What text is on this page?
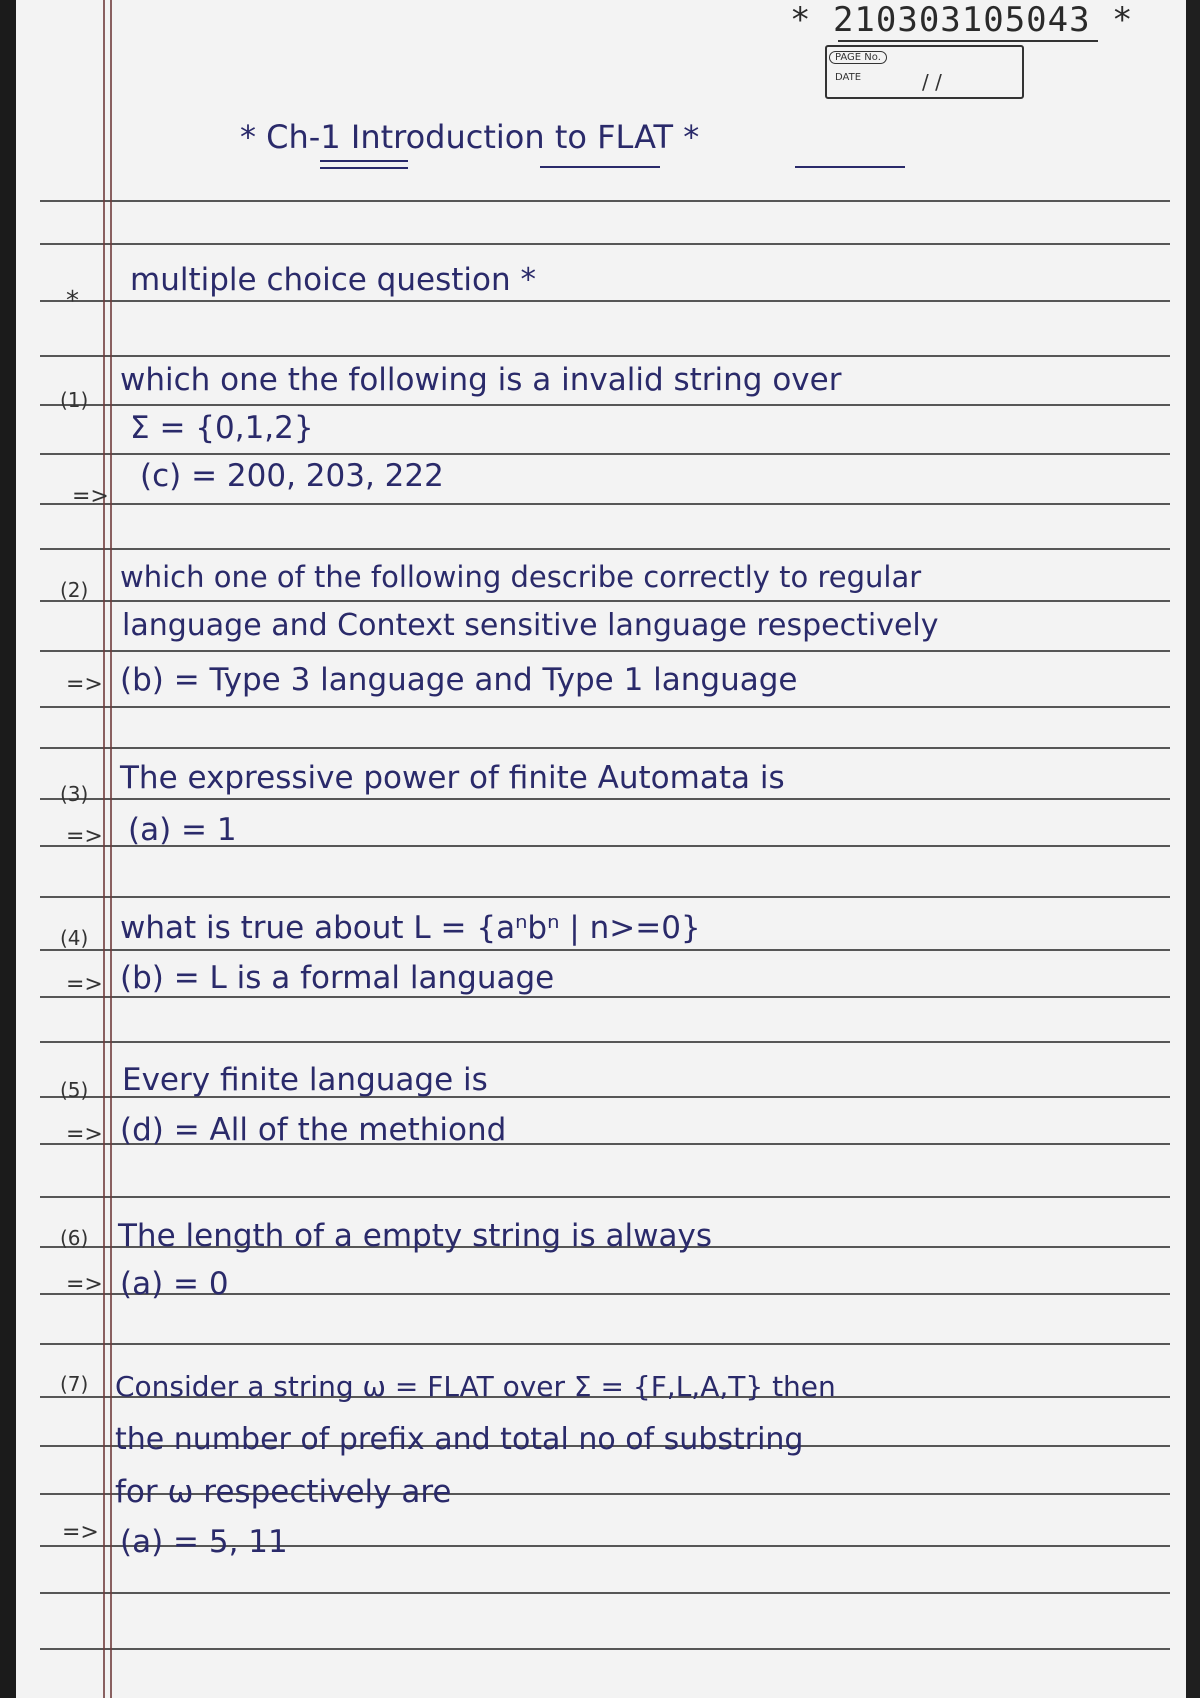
* 210303105043 *
PAGE No.
DATE	/ /
* Ch-1 Introduction to FLAT *
*
multiple choice question *
(1)
which one the following is a invalid string over
Σ = {0,1,2}
=>
(c) = 200, 203, 222
(2) which one of the following describe correctly to regular
language and Context sensitive language respectively
=> (b) = Type 3 language and Type 1 language
(3) The expressive power of finite Automata is
=> (a) = 1
(4) what is true about L = {aⁿbⁿ | n>=0}
=> (b) = L is a formal language
(5) Every finite language is
=> (d) = All of the methiond
(6) The length of a empty string is always
=> (a) = 0
(7) Consider a string ω = FLAT over Σ = {F,L,A,T} then
the number of prefix and total no of substring
for ω respectively are
=> (a) = 5, 11
